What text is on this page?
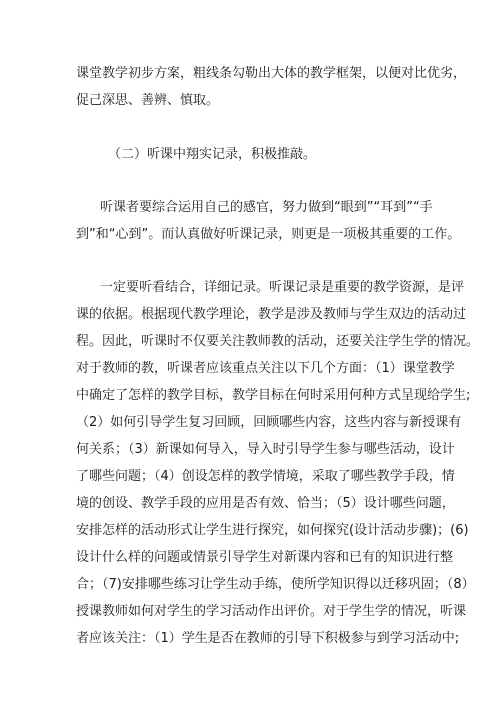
课堂教学初步方案，粗线条勾勒出大体的教学框架，以便对比优劣，
促己深思、善辨、慎取。
（二）听课中翔实记录，积极推敲。
听课者要综合运用自己的感官，努力做到“眼到”“耳到”“手
到”和“心到”。而认真做好听课记录，则更是一项极其重要的工作。
一定要听看结合，详细记录。听课记录是重要的教学资源，是评
课的依据。根据现代教学理论，教学是涉及教师与学生双边的活动过
程。因此，听课时不仅要关注教师教的活动，还要关注学生学的情况。
对于教师的教，听课者应该重点关注以下几个方面：（1）课堂教学
中确定了怎样的教学目标，教学目标在何时采用何种方式呈现给学生;
（2）如何引导学生复习回顾，回顾哪些内容，这些内容与新授课有
何关系；（3）新课如何导入，导入时引导学生参与哪些活动，设计
了哪些问题；（4）创设怎样的教学情境，采取了哪些教学手段，情
境的创设、教学手段的应用是否有效、恰当；（5）设计哪些问题，
安排怎样的活动形式让学生进行探究，如何探究(设计活动步骤)；(6)
设计什么样的问题或情景引导学生对新课内容和已有的知识进行整
合；（7)安排哪些练习让学生动手练，使所学知识得以迁移巩固；（8）
授课教师如何对学生的学习活动作出评价。对于学生学的情况，听课
者应该关注：（1）学生是否在教师的引导下积极参与到学习活动中;
